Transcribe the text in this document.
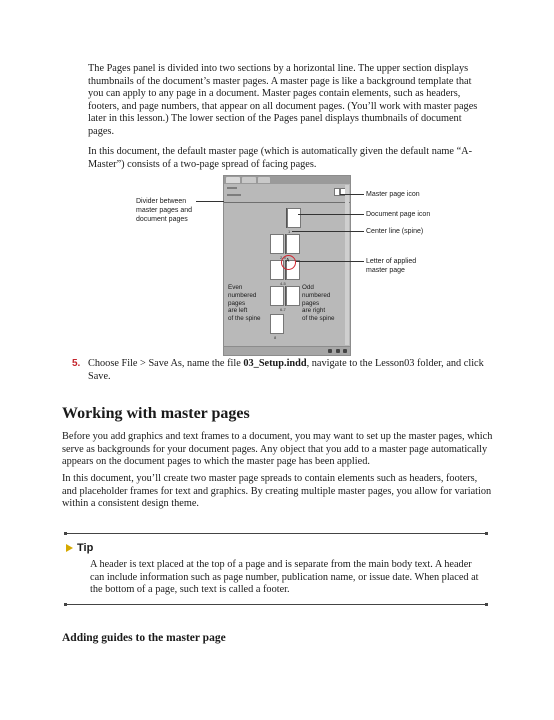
The Pages panel is divided into two sections by a horizontal line. The upper section displays thumbnails of the document’s master pages. A master page is like a background template that you can apply to any page in a document. Master pages contain elements, such as headers, footers, and page numbers, that appear on all document pages. (You’ll work with master pages later in this lesson.) The lower section of the Pages panel displays thumbnails of document pages.

In this document, the default master page (which is automatically given the default name “A-Master”) consists of a two-page spread of facing pages.

1
2-3
4-5
6-7
8
A
Even
numbered
pages
are left
of the spine
Odd
numbered
pages
are right
of the spine
Divider between
master pages and
document pages
Master page icon
Document page icon
Center line (spine)
Letter of applied
master page
5. Choose File > Save As, name the file 03_Setup.indd, navigate to the Lesson03 folder, and click Save.
Working with master pages

Before you add graphics and text frames to a document, you may want to set up the master pages, which serve as backgrounds for your document pages. Any object that you add to a master page automatically appears on the document pages to which the master page has been applied.

In this document, you’ll create two master page spreads to contain elements such as headers, footers, and placeholder frames for text and graphics. By creating multiple master pages, you allow for variation within a consistent design theme.

Tip

A header is text placed at the top of a page and is separate from the main body text. A header can include information such as page number, publication name, or issue date. When placed at the bottom of a page, such text is called a footer.

Adding guides to the master page
